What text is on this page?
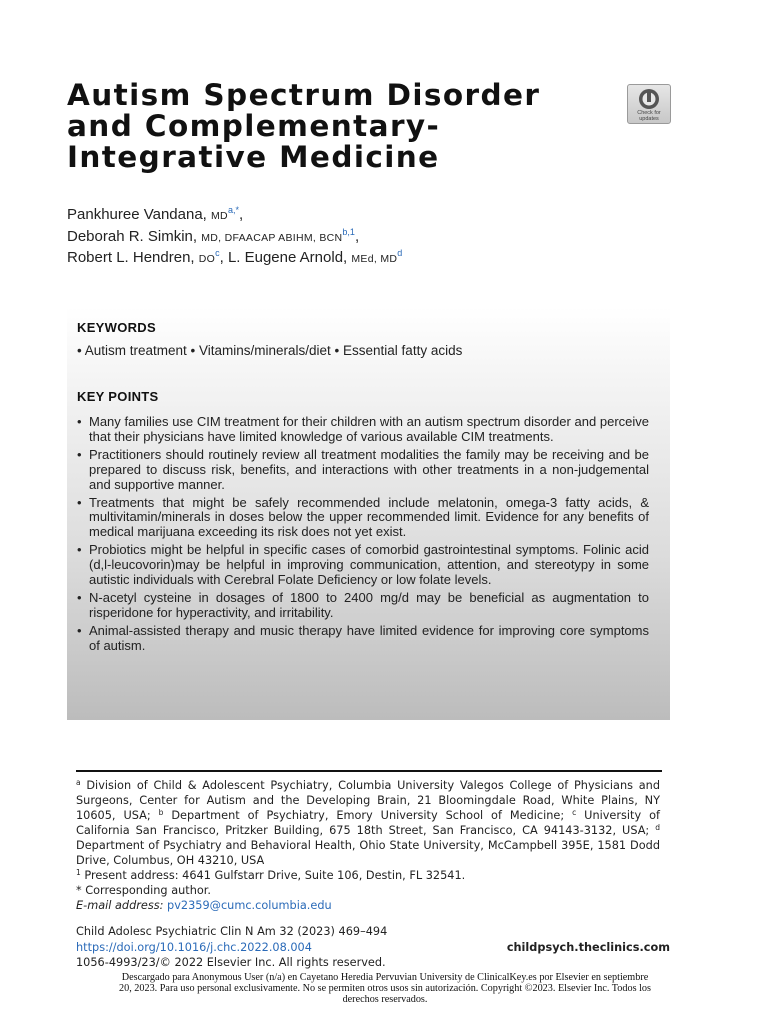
Autism Spectrum Disorder
and Complementary-
Integrative Medicine
Check for updates
Pankhuree Vandana, $MD^{a,*}$,
Deborah R. Simkin, MD, DFAACAP ABIHM, BCN$^{b,1}$,
Robert L. Hendren, $DO^c$, L. Eugene Arnold, MEd, $MD^d$
KEYWORDS
• Autism treatment • Vitamins/minerals/diet • Essential fatty acids
KEY POINTS
• Many families use CIM treatment for their children with an autism spectrum disorder and perceive that their physicians have limited knowledge of various available CIM treatments.
• Practitioners should routinely review all treatment modalities the family may be receiving and be prepared to discuss risk, benefits, and interactions with other treatments in a non-judgemental and supportive manner.
• Treatments that might be safely recommended include melatonin, omega-3 fatty acids, & multivitamin/minerals in doses below the upper recommended limit. Evidence for any benefits of medical marijuana exceeding its risk does not yet exist.
• Probiotics might be helpful in specific cases of comorbid gastrointestinal symptoms. Folinic acid (d,l-leucovorin)may be helpful in improving communication, attention, and stereotypy in some autistic individuals with Cerebral Folate Deficiency or low folate levels.
• N-acetyl cysteine in dosages of 1800 to 2400 mg/d may be beneficial as augmentation to risperidone for hyperactivity, and irritability.
• Animal-assisted therapy and music therapy have limited evidence for improving core symptoms of autism.

$^a$ Division of Child & Adolescent Psychiatry, Columbia University Valegos College of Physicians and Surgeons, Center for Autism and the Developing Brain, 21 Bloomingdale Road, White Plains, NY 10605, USA; $^b$ Department of Psychiatry, Emory University School of Medicine; $^c$ University of California San Francisco, Pritzker Building, 675 18th Street, San Francisco, CA 94143-3132, USA; $^d$ Department of Psychiatry and Behavioral Health, Ohio State University, McCampbell 395E, 1581 Dodd Drive, Columbus, OH 43210, USA

$^1$ Present address: 4641 Gulfstarr Drive, Suite 106, Destin, FL 32541.

* Corresponding author.

E-mail address: pv2359@cumc.columbia.edu

Child Adolesc Psychiatric Clin N Am 32 (2023) 469–494
https://doi.org/10.1016/j.chc.2022.08.004
1056-4993/23/© 2022 Elsevier Inc. All rights reserved.
childpsych.theclinics.com
Descargado para Anonymous User (n/a) en Cayetano Heredia Pervuvian University de ClinicalKey.es por Elsevier en septiembre 20, 2023. Para uso personal exclusivamente. No se permiten otros usos sin autorización. Copyright ©2023. Elsevier Inc. Todos los derechos reservados.
